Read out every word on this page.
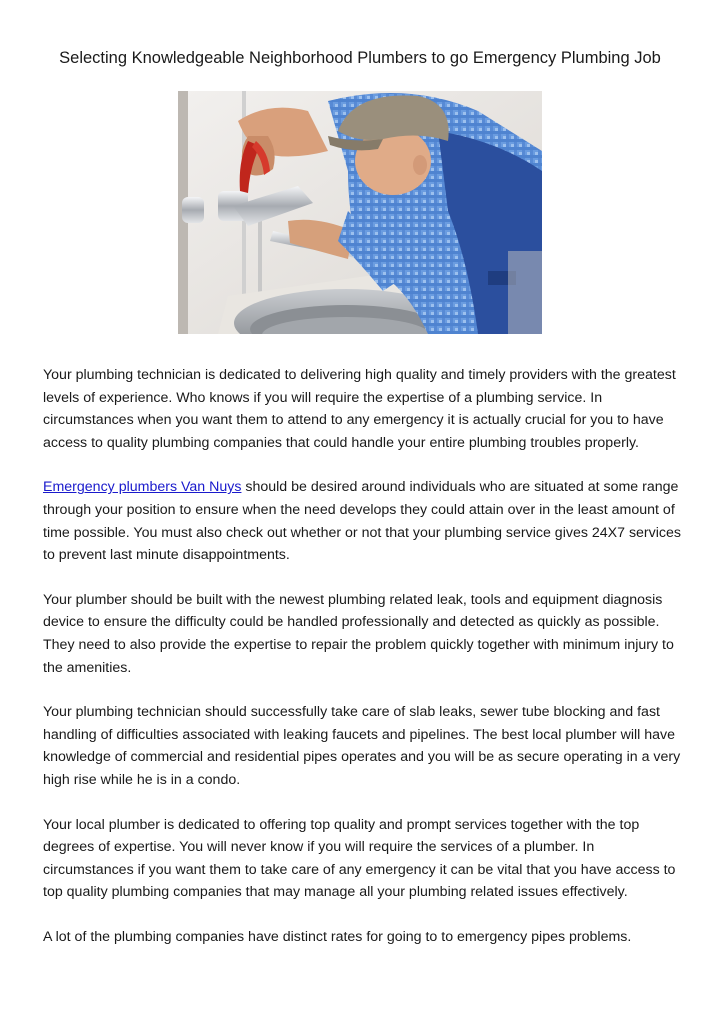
Selecting Knowledgeable Neighborhood Plumbers to go Emergency Plumbing Job

Your plumbing technician is dedicated to delivering high quality and timely providers with the greatest levels of experience. Who knows if you will require the expertise of a plumbing service. In circumstances when you want them to attend to any emergency it is actually crucial for you to have access to quality plumbing companies that could handle your entire plumbing troubles properly.

Emergency plumbers Van Nuys should be desired around individuals who are situated at some range through your position to ensure when the need develops they could attain over in the least amount of time possible. You must also check out whether or not that your plumbing service gives 24X7 services to prevent last minute disappointments.

Your plumber should be built with the newest plumbing related leak, tools and equipment diagnosis device to ensure the difficulty could be handled professionally and detected as quickly as possible. They need to also provide the expertise to repair the problem quickly together with minimum injury to the amenities.

Your plumbing technician should successfully take care of slab leaks, sewer tube blocking and fast handling of difficulties associated with leaking faucets and pipelines. The best local plumber will have knowledge of commercial and residential pipes operates and you will be as secure operating in a very high rise while he is in a condo.

Your local plumber is dedicated to offering top quality and prompt services together with the top degrees of expertise. You will never know if you will require the services of a plumber. In circumstances if you want them to take care of any emergency it can be vital that you have access to top quality plumbing companies that may manage all your plumbing related issues effectively.

A lot of the plumbing companies have distinct rates for going to to emergency pipes problems.
